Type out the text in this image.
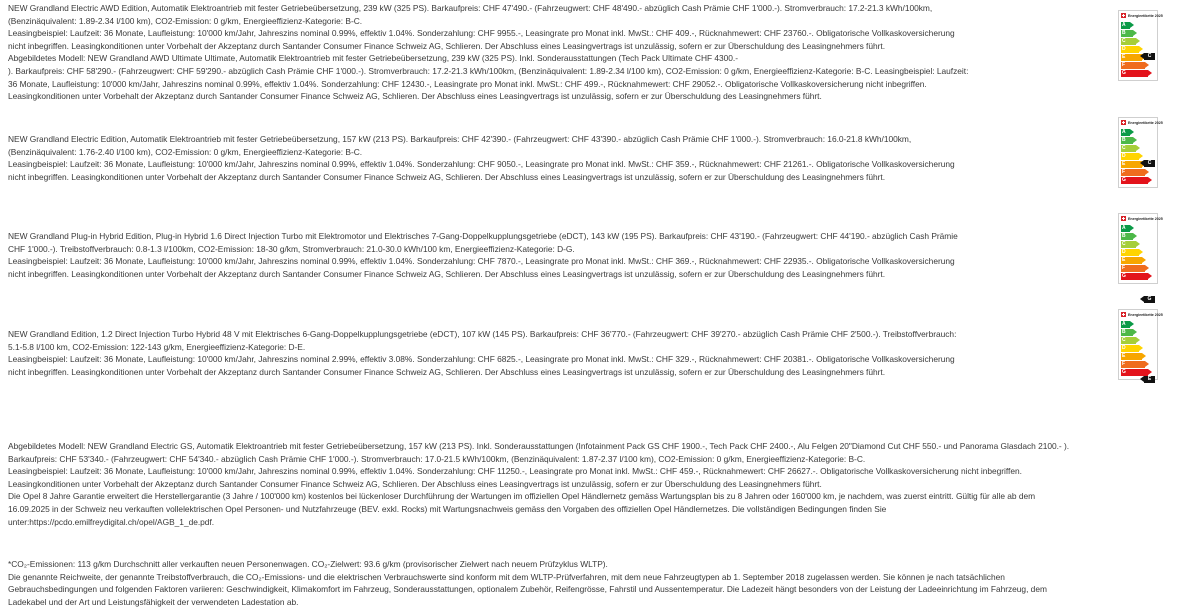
NEW Grandland Electric AWD Edition, Automatik Elektroantrieb mit fester Getriebeübersetzung, 239 kW (325 PS). Barkaufpreis: CHF 47'490.- (Fahrzeugwert: CHF 48'490.- abzüglich Cash Prämie CHF 1'000.-). Stromverbrauch: 17.2-21.3 kWh/100km,
(Benzinäquivalent: 1.89-2.34 l/100 km), CO2-Emission: 0 g/km, Energieeffizienz-Kategorie: B-C.
Leasingbeispiel: Laufzeit: 36 Monate, Laufleistung: 10'000 km/Jahr, Jahreszins nominal 0.99%, effektiv 1.04%. Sonderzahlung: CHF 9955.-, Leasingrate pro Monat inkl. MwSt.: CHF 409.-, Rücknahmewert: CHF 23760.-. Obligatorische Vollkaskoversicherung
nicht inbegriffen. Leasingkonditionen unter Vorbehalt der Akzeptanz durch Santander Consumer Finance Schweiz AG, Schlieren. Der Abschluss eines Leasingvertrags ist unzulässig, sofern er zur Überschuldung des Leasingnehmers führt.
Abgebildetes Modell: NEW Grandland AWD Ultimate Ultimate, Automatik Elektroantrieb mit fester Getriebeübersetzung, 239 kW (325 PS). Inkl. Sonderausstattungen (Tech Pack Ultimate CHF 4300.-
). Barkaufpreis: CHF 58'290.- (Fahrzeugwert: CHF 59'290.- abzüglich Cash Prämie CHF 1'000.-). Stromverbrauch: 17.2-21.3 kWh/100km, (Benzinäquivalent: 1.89-2.34 l/100 km), CO2-Emission: 0 g/km, Energieeffizienz-Kategorie: B-C. Leasingbeispiel: Laufzeit:
36 Monate, Laufleistung: 10'000 km/Jahr, Jahreszins nominal 0.99%, effektiv 1.04%. Sonderzahlung: CHF 12430.-, Leasingrate pro Monat inkl. MwSt.: CHF 499.-, Rücknahmewert: CHF 29052.-. Obligatorische Vollkaskoversicherung nicht inbegriffen.
Leasingkonditionen unter Vorbehalt der Akzeptanz durch Santander Consumer Finance Schweiz AG, Schlieren. Der Abschluss eines Leasingvertrags ist unzulässig, sofern er zur Überschuldung des Leasingnehmers führt.
NEW Grandland Electric Edition, Automatik Elektroantrieb mit fester Getriebeübersetzung, 157 kW (213 PS). Barkaufpreis: CHF 42'390.- (Fahrzeugwert: CHF 43'390.- abzüglich Cash Prämie CHF 1'000.-). Stromverbrauch: 16.0-21.8 kWh/100km,
(Benzinäquivalent: 1.76-2.40 l/100 km), CO2-Emission: 0 g/km, Energieeffizienz-Kategorie: B-C.
Leasingbeispiel: Laufzeit: 36 Monate, Laufleistung: 10'000 km/Jahr, Jahreszins nominal 0.99%, effektiv 1.04%. Sonderzahlung: CHF 9050.-, Leasingrate pro Monat inkl. MwSt.: CHF 359.-, Rücknahmewert: CHF 21261.-. Obligatorische Vollkaskoversicherung
nicht inbegriffen. Leasingkonditionen unter Vorbehalt der Akzeptanz durch Santander Consumer Finance Schweiz AG, Schlieren. Der Abschluss eines Leasingvertrags ist unzulässig, sofern er zur Überschuldung des Leasingnehmers führt.
NEW Grandland Plug-in Hybrid Edition, Plug-in Hybrid 1.6 Direct Injection Turbo mit Elektromotor und Elektrisches 7-Gang-Doppelkupplungsgetriebe (eDCT), 143 kW (195 PS). Barkaufpreis: CHF 43'190.- (Fahrzeugwert: CHF 44'190.- abzüglich Cash Prämie
CHF 1'000.-). Treibstoffverbrauch: 0.8-1.3 l/100km, CO2-Emission: 18-30 g/km, Stromverbrauch: 21.0-30.0 kWh/100 km, Energieeffizienz-Kategorie: D-G.
Leasingbeispiel: Laufzeit: 36 Monate, Laufleistung: 10'000 km/Jahr, Jahreszins nominal 0.99%, effektiv 1.04%. Sonderzahlung: CHF 7870.-, Leasingrate pro Monat inkl. MwSt.: CHF 369.-, Rücknahmewert: CHF 22935.-. Obligatorische Vollkaskoversicherung
nicht inbegriffen. Leasingkonditionen unter Vorbehalt der Akzeptanz durch Santander Consumer Finance Schweiz AG, Schlieren. Der Abschluss eines Leasingvertrags ist unzulässig, sofern er zur Überschuldung des Leasingnehmers führt.
NEW Grandland Edition, 1.2 Direct Injection Turbo Hybrid 48 V mit Elektrisches 6-Gang-Doppelkupplungsgetriebe (eDCT), 107 kW (145 PS). Barkaufpreis: CHF 36'770.- (Fahrzeugwert: CHF 39'270.- abzüglich Cash Prämie CHF 2'500.-). Treibstoffverbrauch:
5.1-5.8 l/100 km, CO2-Emission: 122-143 g/km, Energieeffizienz-Kategorie: D-E.
Leasingbeispiel: Laufzeit: 36 Monate, Laufleistung: 10'000 km/Jahr, Jahreszins nominal 2.99%, effektiv 3.08%. Sonderzahlung: CHF 6825.-, Leasingrate pro Monat inkl. MwSt.: CHF 329.-, Rücknahmewert: CHF 20381.-. Obligatorische Vollkaskoversicherung
nicht inbegriffen. Leasingkonditionen unter Vorbehalt der Akzeptanz durch Santander Consumer Finance Schweiz AG, Schlieren. Der Abschluss eines Leasingvertrags ist unzulässig, sofern er zur Überschuldung des Leasingnehmers führt.
Abgebildetes Modell: NEW Grandland Electric GS, Automatik Elektroantrieb mit fester Getriebeübersetzung, 157 kW (213 PS). Inkl. Sonderausstattungen (Infotainment Pack GS CHF 1900.-, Tech Pack CHF 2400.-, Alu Felgen 20"Diamond Cut CHF 550.- und Panorama Glasdach 2100.- ).
Barkaufpreis: CHF 53'340.- (Fahrzeugwert: CHF 54'340.- abzüglich Cash Prämie CHF 1'000.-). Stromverbrauch: 17.0-21.5 kWh/100km, (Benzinäquivalent: 1.87-2.37 l/100 km), CO2-Emission: 0 g/km, Energieeffizienz-Kategorie: B-C.
Leasingbeispiel: Laufzeit: 36 Monate, Laufleistung: 10'000 km/Jahr, Jahreszins nominal 0.99%, effektiv 1.04%. Sonderzahlung: CHF 11250.-, Leasingrate pro Monat inkl. MwSt.: CHF 459.-, Rücknahmewert: CHF 26627.-. Obligatorische Vollkaskoversicherung nicht inbegriffen.
Leasingkonditionen unter Vorbehalt der Akzeptanz durch Santander Consumer Finance Schweiz AG, Schlieren. Der Abschluss eines Leasingvertrags ist unzulässig, sofern er zur Überschuldung des Leasingnehmers führt.
Die Opel 8 Jahre Garantie erweitert die Herstellergarantie (3 Jahre / 100'000 km) kostenlos bei lückenloser Durchführung der Wartungen im offiziellen Opel Händlernetz gemäss Wartungsplan bis zu 8 Jahren oder 160'000 km, je nachdem, was zuerst eintritt. Gültig für alle ab dem
16.09.2025 in der Schweiz neu verkauften vollelektrischen Opel Personen- und Nutzfahrzeuge (BEV. exkl. Rocks) mit Wartungsnachweis gemäss den Vorgaben des offiziellen Opel Händlernetzes. Die vollständigen Bedingungen finden Sie
unter:https://pcdo.emilfreydigital.ch/opel/AGB_1_de.pdf.
*CO₂-Emissionen: 113 g/km Durchschnitt aller verkauften neuen Personenwagen. CO₂-Zielwert: 93.6 g/km (provisorischer Zielwert nach neuem Prüfzyklus WLTP).
Die genannte Reichweite, der genannte Treibstoffverbrauch, die CO₂-Emissions- und die elektrischen Verbrauchswerte sind konform mit dem WLTP-Prüfverfahren, mit dem neue Fahrzeugtypen ab 1. September 2018 zugelassen werden. Sie können je nach tatsächlichen
Gebrauchsbedingungen und folgenden Faktoren variieren: Geschwindigkeit, Klimakomfort im Fahrzeug, Sonderausstattungen, optionalem Zubehör, Reifengrösse, Fahrstil und Aussentemperatur. Die Ladezeit hängt besonders von der Leistung der Ladeeinrichtung im Fahrzeug, dem
Ladekabel und der Art und Leistungsfähigkeit der verwendeten Ladestation ab.
Energieetikette 2025
A
B
C
D
E
F
G
C
Energieetikette 2025
A
B
C
D
E
F
G
C
Energieetikette 2025
A
B
C
D
E
F
G
G
Energieetikette 2025
A
B
C
D
E
F
G
E
